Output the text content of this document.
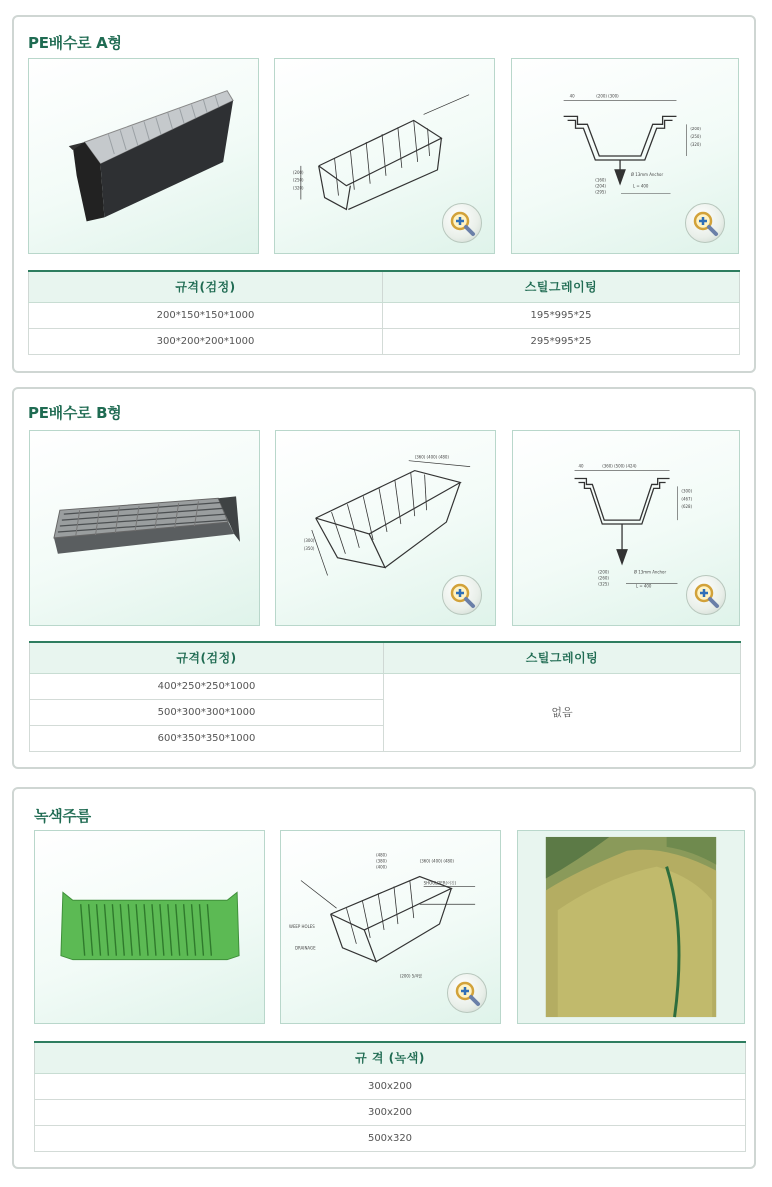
PE배수로 A형
(200)
(250)
(320)
40	(200) (300)
(200)
(250)
(320)
(160)
(204)
(295)
Ø 13mm Anchor
L = 400
규격(검정)	스틸그레이팅
200*150*150*1000	195*995*25
300*200*200*1000	295*995*25
PE배수로 B형
(360) (400) (480)
(300)
(350)
40	(360) (500) (424)
(300)
(467)
(628)
(200)
(260)
(325)
Ø 13mm Anchor
L = 400
규격(검정)	스틸그레이팅
400*250*250*1000	없음
500*300*300*1000	
600*350*350*1000	
녹색주름
(480)
(380)
(400)
(360) (400) (480)
SHOULDER(어깃)
WEEP HOLES
DRAINAGE
(200) 5/4앬
규 격 (녹색)
300x200
300x200
500x320
